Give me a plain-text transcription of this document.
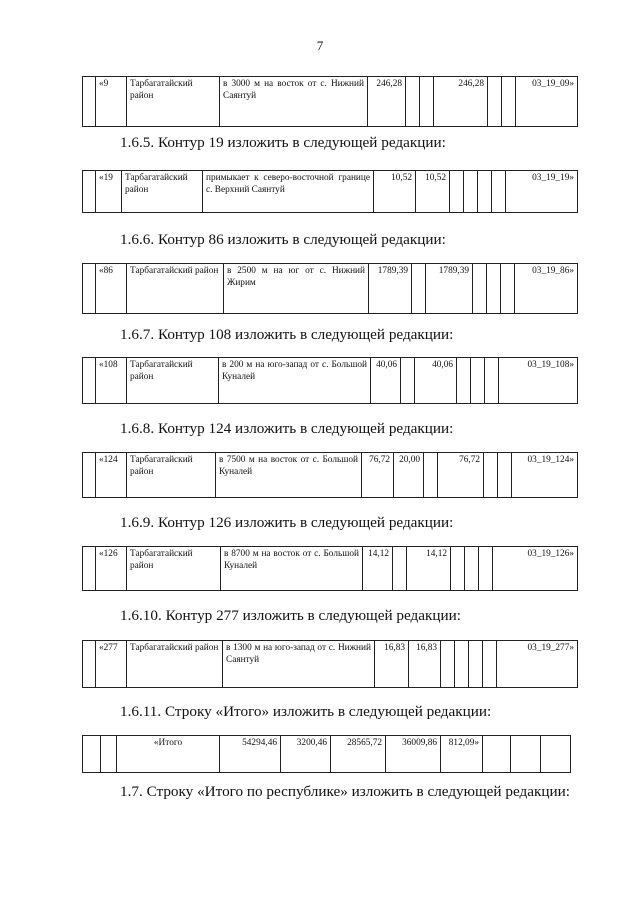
7
	«9	Тарбагатайский район	в 3000 м на восток от с. Нижний Саянтуй	246,28			246,28			03_19_09»
1.6.5. Контур 19 изложить в следующей редакции:
	«19	Тарбагатайский район	примыкает к северо-восточной границе с. Верхний Саянтуй	10,52	10,52					03_19_19»
1.6.6. Контур 86 изложить в следующей редакции:
	«86	Тарбагатайский район	в 2500 м на юг от с. Нижний Жирим	1789,39		1789,39				03_19_86»
1.6.7. Контур 108 изложить в следующей редакции:
	«108	Тарбагатайский район	в 200 м на юго-запад от с. Большой Куналей	40,06		40,06				03_19_108»
1.6.8. Контур 124 изложить в следующей редакции:
	«124	Тарбагатайский район	в 7500 м на восток от с. Большой Куналей	76,72	20,00		76,72			03_19_124»
1.6.9. Контур 126 изложить в следующей редакции:
	«126	Тарбагатайский район	в 8700 м на восток от с. Большой Куналей	14,12		14,12				03_19_126»
1.6.10. Контур 277 изложить в следующей редакции:
	«277	Тарбагатайский район	в 1300 м на юго-запад от с. Нижний Саянтуй	16,83	16,83					03_19_277»
1.6.11. Строку «Итого» изложить в следующей редакции:
		«Итого	54294,46	3200,46	28565,72	36009,86	812,09»			
1.7. Строку «Итого по республике» изложить в следующей редакции:
